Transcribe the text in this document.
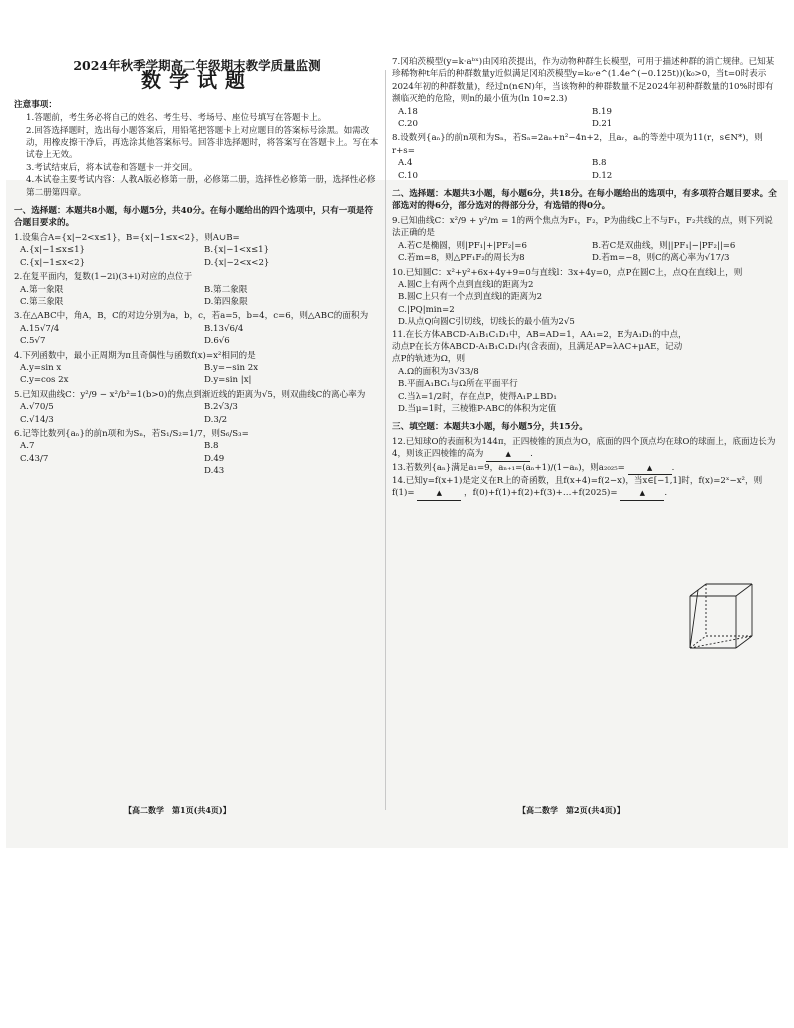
2024年秋季学期高二年级期末教学质量监测
数学试题
注意事项：
1.答题前，考生务必将自己的姓名、考生号、考场号、座位号填写在答题卡上。
2.回答选择题时，选出每小题答案后，用铅笔把答题卡上对应题目的答案标号涂黑。如需改动，用橡皮擦干净后，再选涂其他答案标号。回答非选择题时，将答案写在答题卡上。写在本试卷上无效。
3.考试结束后，将本试卷和答题卡一并交回。
4.本试卷主要考试内容：人教A版必修第一册，必修第二册，选择性必修第一册，选择性必修第二册第四章。
一、选择题：本题共8小题，每小题5分，共40分。在每小题给出的四个选项中，只有一项是符合题目要求的。
1.设集合A={x|−2<x≤1}，B={x|−1≤x<2}，则A∪B=
A.{x|−1≤x≤1}	B.{x|−1<x≤1}
C.{x|−1≤x<2}	D.{x|−2<x<2}
2.在复平面内，复数(1−2i)(3+i)对应的点位于
A.第一象限	B.第二象限
C.第三象限	D.第四象限
3.在△ABC中，角A，B，C的对边分别为a，b，c，若a=5，b=4，c=6，则△ABC的面积为
A.15√7/4	B.13√6/4
C.5√7	D.6√6
4.下列函数中，最小正周期为π且奇偶性与函数f(x)=x²相同的是
A.y=sin x	B.y=−sin 2x
C.y=cos 2x	D.y=sin |x|
5.已知双曲线C：y²/9 − x²/b²=1(b>0)的焦点到渐近线的距离为√5，则双曲线C的离心率为
A.√70/5	B.2√3/3
C.√14/3	D.3/2
6.记等比数列{aₙ}的前n项和为Sₙ，若S₁/S₂=1/7，则S₆/S₃=
A.7	B.8
C.43/7	D.49
D.43
【高二数学　第1页(共4页)】
7.冈珀茨模型(y=k·aᵇˣ)由冈珀茨提出，作为动物种群生长模型，可用于描述种群的消亡规律。已知某珍稀物种t年后的种群数量y近似满足冈珀茨模型y=k₀·e^(1.4e^(−0.125t))(k₀>0，当t=0时表示2024年初的种群数量)，经过n(n∈N)年，当该物种的种群数量不足2024年初种群数量的10%时即有濒临灭绝的危险，则n的最小值为(ln 10≈2.3)
A.18	B.19
C.20	D.21
8.设数列{aₙ}的前n项和为Sₙ，若Sₙ=2aₙ+n²−4n+2，且aᵣ，aₛ的等差中项为11(r，s∈N*)，则r+s=
A.4	B.8
C.10	D.12
二、选择题：本题共3小题，每小题6分，共18分。在每小题给出的选项中，有多项符合题目要求。全部选对的得6分，部分选对的得部分分，有选错的得0分。
9.已知曲线C：x²/9 + y²/m = 1的两个焦点为F₁，F₂，P为曲线C上不与F₁，F₂共线的点，则下列说法正确的是
A.若C是椭圆，则|PF₁|+|PF₂|=6	B.若C是双曲线，则||PF₁|−|PF₂||=6
C.若m=8，则△PF₁F₂的周长为8	D.若m=−8，则C的离心率为√17/3
10.已知圆C：x²+y²+6x+4y+9=0与直线l：3x+4y=0，点P在圆C上，点Q在直线l上，则
A.圆C上有两个点到直线l的距离为2
B.圆C上只有一个点到直线l的距离为2
C.|PQ|min=2
D.从点Q向圆C引切线，切线长的最小值为2√5
11.在长方体ABCD-A₁B₁C₁D₁中，AB=AD=1，AA₁=2，E为A₁D₁的中点，动点P在长方体ABCD-A₁B₁C₁D₁内(含表面)，且满足AP=λAC+μAE，记动点P的轨迹为Ω，则
A.Ω的面积为3√33/8
B.平面A₁BC₁与Ω所在平面平行
C.当λ=1/2时，存在点P，使得A₁P⊥BD₁
D.当μ=1时，三棱锥P-ABC的体积为定值
三、填空题：本题共3小题，每小题5分，共15分。
12.已知球O的表面积为144π，正四棱锥的顶点为O，底面的四个顶点均在球O的球面上，底面边长为4，则该正四棱锥的高为	▲ .
13.若数列{aₙ}满足a₁=9，aₙ₊₁=(aₙ+1)/(1−aₙ)，则a₂₀₂₅=	▲ .
14.已知y=f(x+1)是定义在R上的奇函数，且f(x+4)=f(2−x)，当x∈[−1,1]时，f(x)=2ˣ−x²，则f(1)=	▲	，f(0)+f(1)+f(2)+f(3)+…+f(2025)=	▲ .
【高二数学　第2页(共4页)】
